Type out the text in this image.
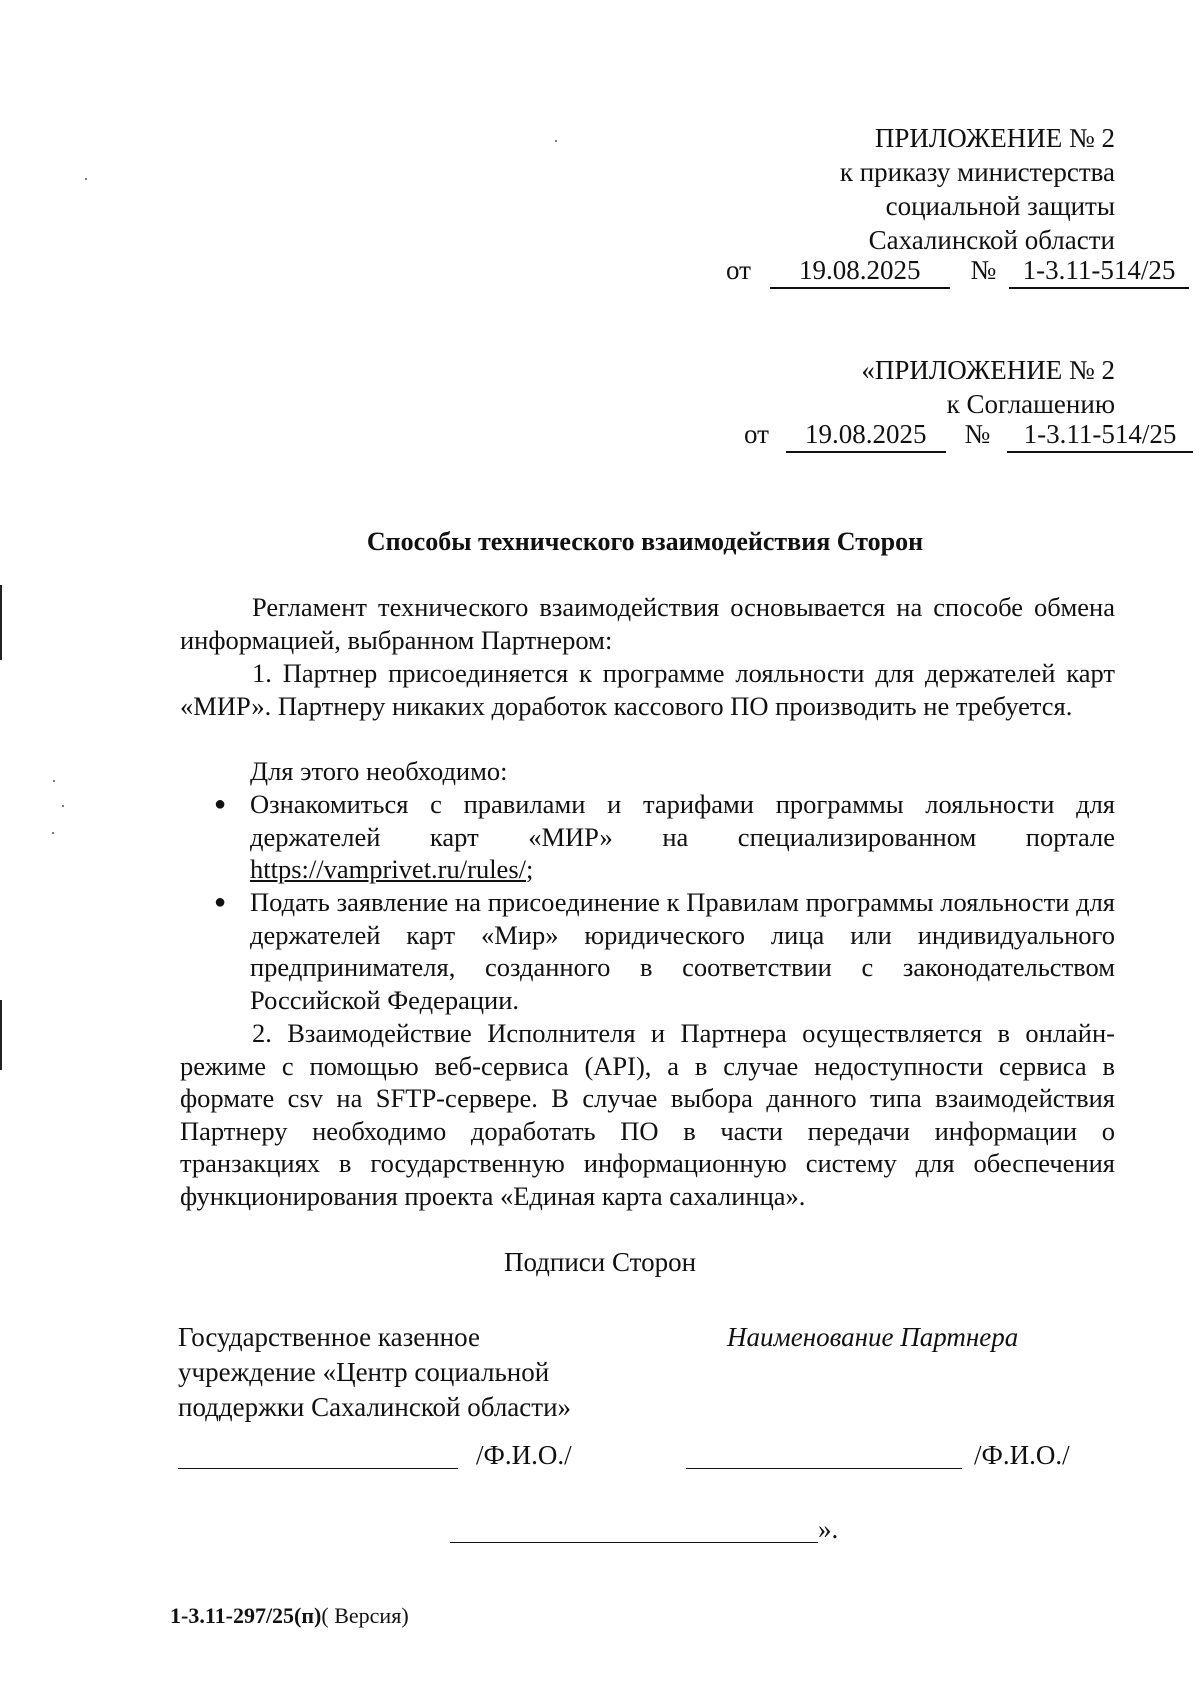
ПРИЛОЖЕНИЕ № 2
к приказу министерства
социальной защиты
Сахалинской области
от 19.08.2025 № 1-3.11-514/25
«ПРИЛОЖЕНИЕ № 2
к Соглашению
от 19.08.2025 № 1-3.11-514/25
Способы технического взаимодействия Сторон
Регламент технического взаимодействия основывается на способе обмена информацией, выбранном Партнером:
1. Партнер присоединяется к программе лояльности для держателей карт «МИР». Партнеру никаких доработок кассового ПО производить не требуется.
Для этого необходимо:
● Ознакомиться с правилами и тарифами программы лояльности для держателей карт «МИР» на специализированном портале https://vamprivet.ru/rules/;
● Подать заявление на присоединение к Правилам программы лояльности для держателей карт «Мир» юридического лица или индивидуального предпринимателя, созданного в соответствии с законодательством Российской Федерации.
2. Взаимодействие Исполнителя и Партнера осуществляется в онлайн-режиме с помощью веб-сервиса (API), а в случае недоступности сервиса в формате csv на SFTP-сервере. В случае выбора данного типа взаимодействия Партнеру необходимо доработать ПО в части передачи информации о транзакциях в государственную информационную систему для обеспечения функционирования проекта «Единая карта сахалинца».
Подписи Сторон
Государственное казенное
учреждение «Центр социальной
поддержки Сахалинской области»
Наименование Партнера
/Ф.И.О./	/Ф.И.О./
».
1-3.11-297/25(п)( Версия)
